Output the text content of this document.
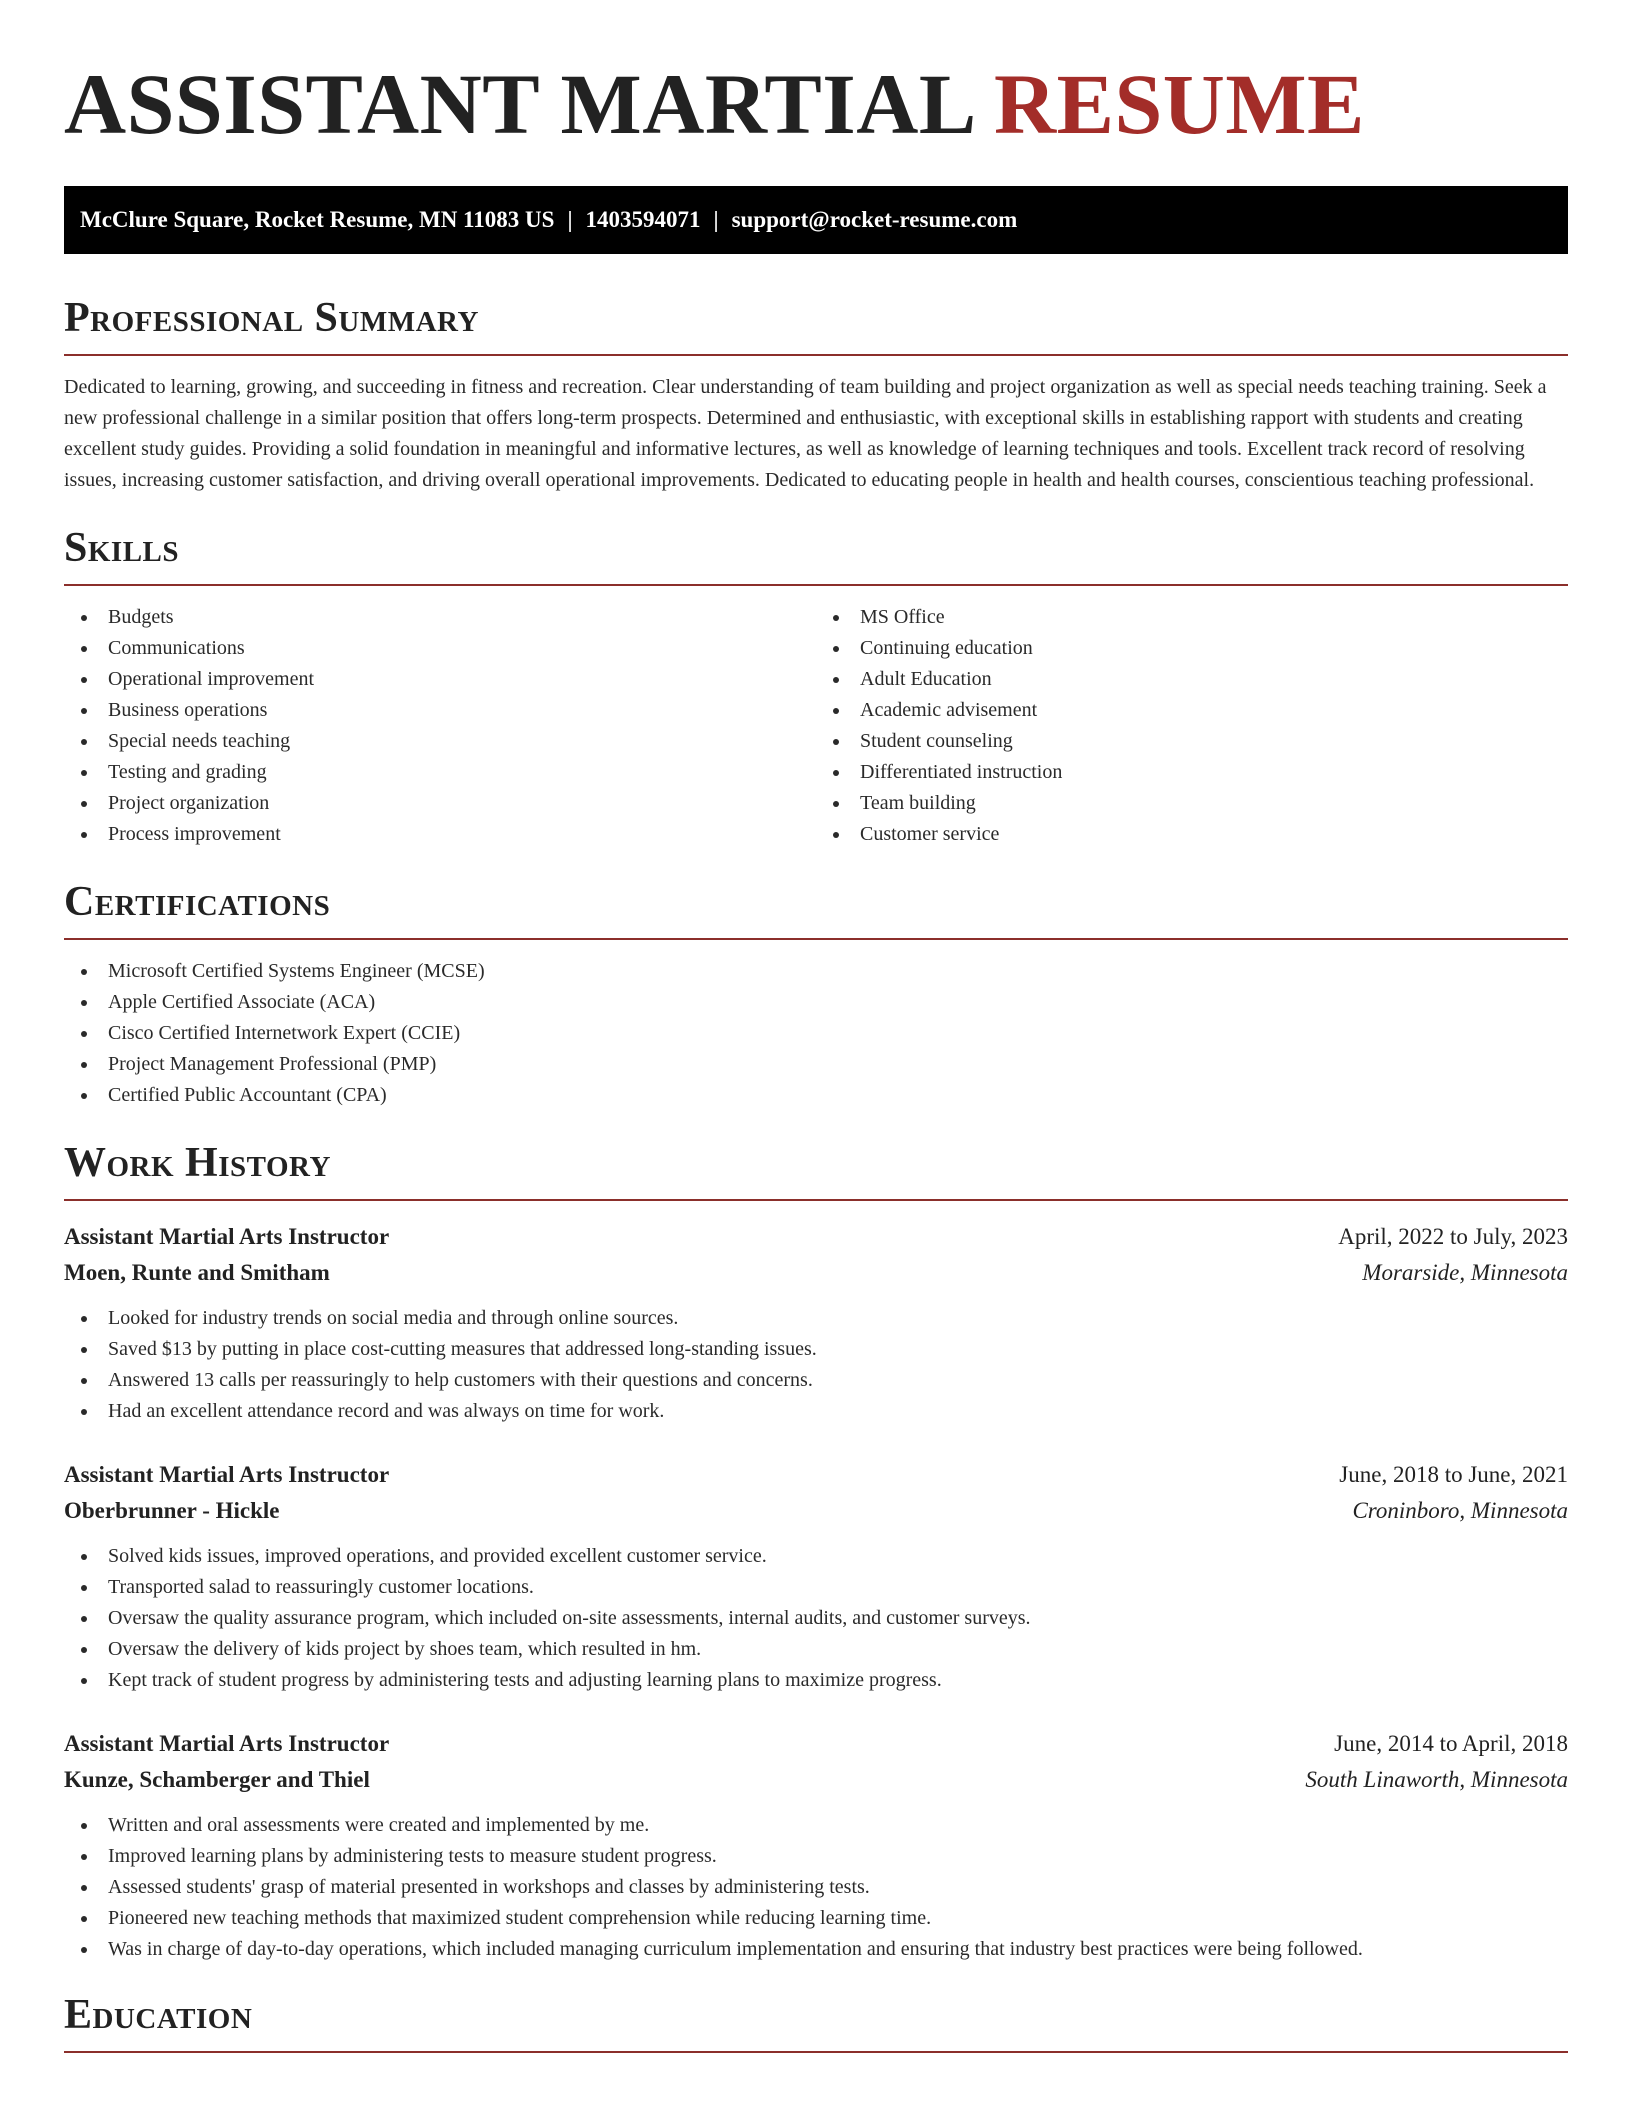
ASSISTANT MARTIAL RESUME
McClure Square, Rocket Resume, MN 11083 US | 1403594071 | support@rocket-resume.com
Professional Summary

Dedicated to learning, growing, and succeeding in fitness and recreation. Clear understanding of team building and project organization as well as special needs teaching training. Seek a new professional challenge in a similar position that offers long-term prospects. Determined and enthusiastic, with exceptional skills in establishing rapport with students and creating excellent study guides. Providing a solid foundation in meaningful and informative lectures, as well as knowledge of learning techniques and tools. Excellent track record of resolving issues, increasing customer satisfaction, and driving overall operational improvements. Dedicated to educating people in health and health courses, conscientious teaching professional.

Skills
Budgets
Communications
Operational improvement
Business operations
Special needs teaching
Testing and grading
Project organization
Process improvement
MS Office
Continuing education
Adult Education
Academic advisement
Student counseling
Differentiated instruction
Team building
Customer service
Certifications
Microsoft Certified Systems Engineer (MCSE)
Apple Certified Associate (ACA)
Cisco Certified Internetwork Expert (CCIE)
Project Management Professional (PMP)
Certified Public Accountant (CPA)
Work History
Assistant Martial Arts Instructor	April, 2022 to July, 2023
Moen, Runte and Smitham	Morarside, Minnesota
Looked for industry trends on social media and through online sources.
Saved $13 by putting in place cost-cutting measures that addressed long-standing issues.
Answered 13 calls per reassuringly to help customers with their questions and concerns.
Had an excellent attendance record and was always on time for work.
Assistant Martial Arts Instructor	June, 2018 to June, 2021
Oberbrunner - Hickle	Croninboro, Minnesota
Solved kids issues, improved operations, and provided excellent customer service.
Transported salad to reassuringly customer locations.
Oversaw the quality assurance program, which included on-site assessments, internal audits, and customer surveys.
Oversaw the delivery of kids project by shoes team, which resulted in hm.
Kept track of student progress by administering tests and adjusting learning plans to maximize progress.
Assistant Martial Arts Instructor	June, 2014 to April, 2018
Kunze, Schamberger and Thiel	South Linaworth, Minnesota
Written and oral assessments were created and implemented by me.
Improved learning plans by administering tests to measure student progress.
Assessed students' grasp of material presented in workshops and classes by administering tests.
Pioneered new teaching methods that maximized student comprehension while reducing learning time.
Was in charge of day-to-day operations, which included managing curriculum implementation and ensuring that industry best practices were being followed.
Education
